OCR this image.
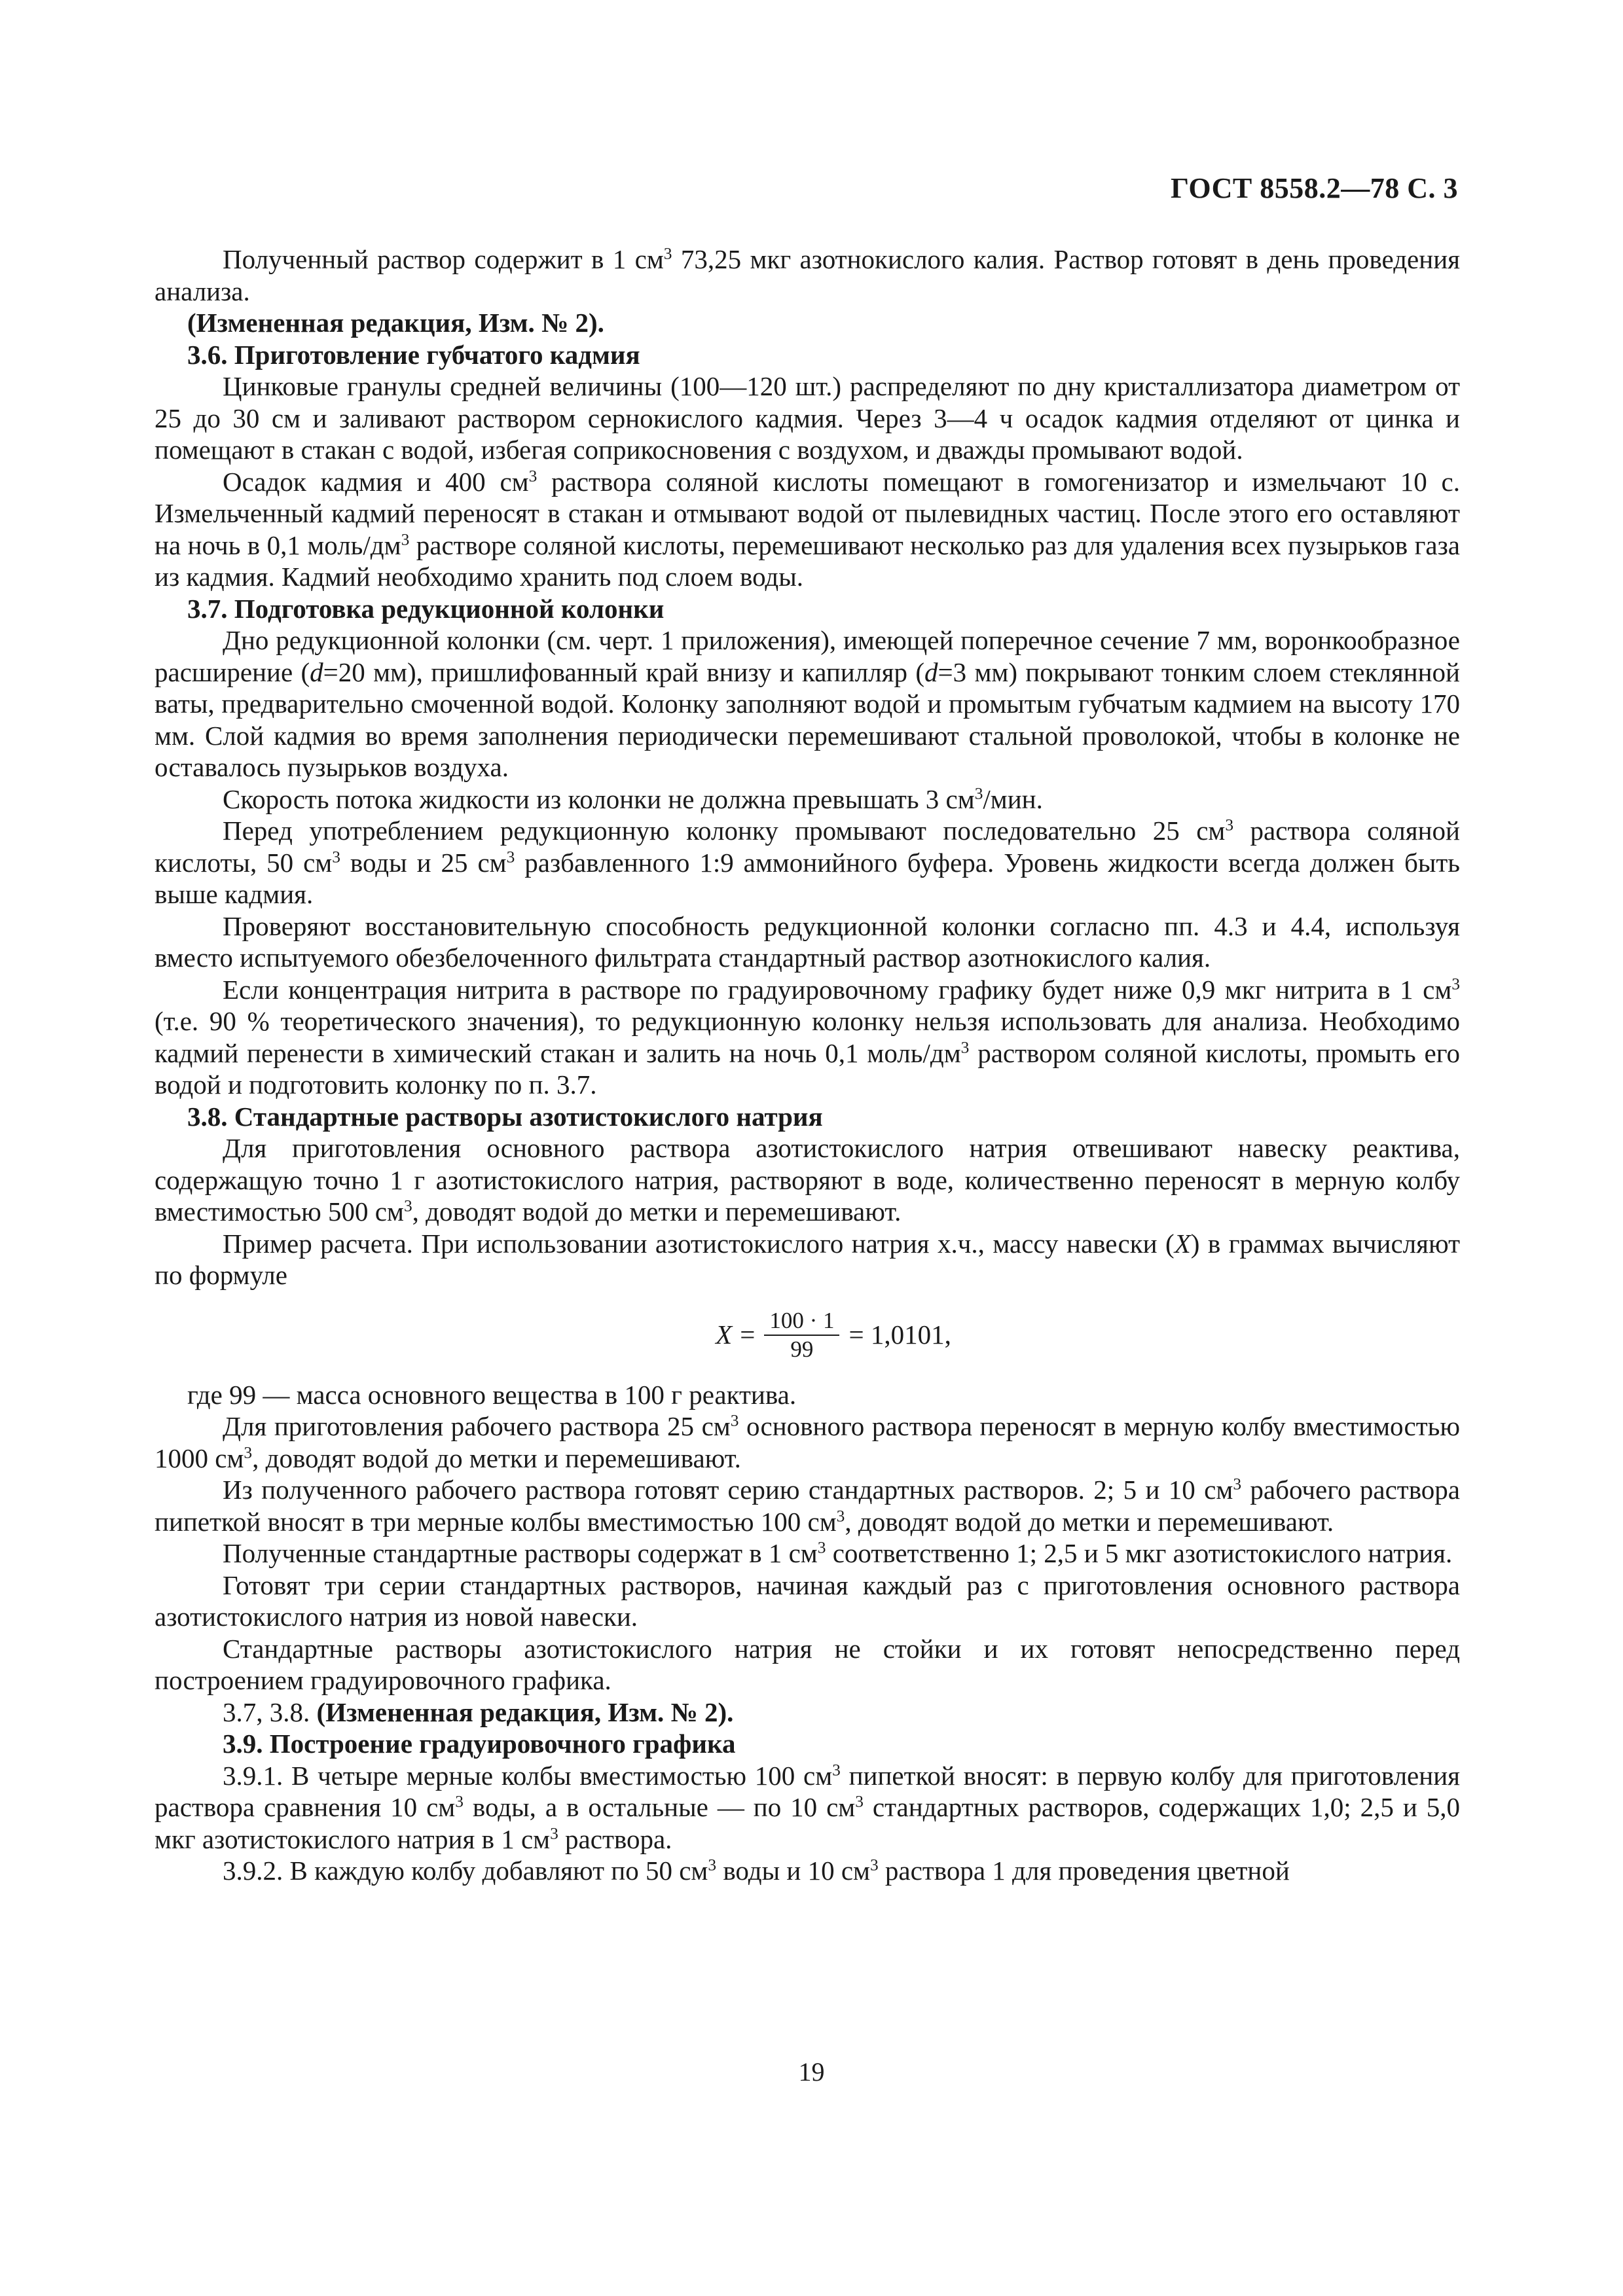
ГОСТ 8558.2—78 С. 3

Полученный раствор содержит в 1 $см^3$ 73,25 мкг азотнокислого калия. Раствор готовят в день проведения анализа.

(Измененная редакция, Изм. № 2).

3.6. Приготовление губчатого кадмия

Цинковые гранулы средней величины (100—120 шт.) распределяют по дну кристаллизатора диаметром от 25 до 30 см и заливают раствором сернокислого кадмия. Через 3—4 ч осадок кадмия отделяют от цинка и помещают в стакан с водой, избегая соприкосновения с воздухом, и дважды промывают водой.

Осадок кадмия и 400 $см^3$ раствора соляной кислоты помещают в гомогенизатор и измельчают 10 с. Измельченный кадмий переносят в стакан и отмывают водой от пылевидных частиц. После этого его оставляют на ночь в 0,1 моль/$дм^3$ растворе соляной кислоты, перемешивают несколько раз для удаления всех пузырьков газа из кадмия. Кадмий необходимо хранить под слоем воды.

3.7. Подготовка редукционной колонки

Дно редукционной колонки (см. черт. 1 приложения), имеющей поперечное сечение 7 мм, воронкообразное расширение (d=20 мм), пришлифованный край внизу и капилляр (d=3 мм) покрывают тонким слоем стеклянной ваты, предварительно смоченной водой. Колонку заполняют водой и промытым губчатым кадмием на высоту 170 мм. Слой кадмия во время заполнения периодически перемешивают стальной проволокой, чтобы в колонке не оставалось пузырьков воздуха.

Скорость потока жидкости из колонки не должна превышать 3 $см^3$/мин.

Перед употреблением редукционную колонку промывают последовательно 25 $см^3$ раствора соляной кислоты, 50 $см^3$ воды и 25 $см^3$ разбавленного 1:9 аммонийного буфера. Уровень жидкости всегда должен быть выше кадмия.

Проверяют восстановительную способность редукционной колонки согласно пп. 4.3 и 4.4, используя вместо испытуемого обезбелоченного фильтрата стандартный раствор азотнокислого калия.

Если концентрация нитрита в растворе по градуировочному графику будет ниже 0,9 мкг нитрита в 1 $см^3$ (т.е. 90 % теоретического значения), то редукционную колонку нельзя использовать для анализа. Необходимо кадмий перенести в химический стакан и залить на ночь 0,1 моль/$дм^3$ раствором соляной кислоты, промыть его водой и подготовить колонку по п. 3.7.

3.8. Стандартные растворы азотистокислого натрия

Для приготовления основного раствора азотистокислого натрия отвешивают навеску реактива, содержащую точно 1 г азотистокислого натрия, растворяют в воде, количественно переносят в мерную колбу вместимостью 500 $см^3$, доводят водой до метки и перемешивают.

Пример расчета. При использовании азотистокислого натрия х.ч., массу навески (X) в граммах вычисляют по формуле

$X = \frac{100 \cdot 1}{99} = 1,0101$,

где 99 — масса основного вещества в 100 г реактива.

Для приготовления рабочего раствора 25 $см^3$ основного раствора переносят в мерную колбу вместимостью 1000 $см^3$, доводят водой до метки и перемешивают.

Из полученного рабочего раствора готовят серию стандартных растворов. 2; 5 и 10 $см^3$ рабочего раствора пипеткой вносят в три мерные колбы вместимостью 100 $см^3$, доводят водой до метки и перемешивают.

Полученные стандартные растворы содержат в 1 $см^3$ соответственно 1; 2,5 и 5 мкг азотистокислого натрия.

Готовят три серии стандартных растворов, начиная каждый раз с приготовления основного раствора азотистокислого натрия из новой навески.

Стандартные растворы азотистокислого натрия не стойки и их готовят непосредственно перед построением градуировочного графика.

3.7, 3.8. (Измененная редакция, Изм. № 2).

3.9. Построение градуировочного графика

3.9.1. В четыре мерные колбы вместимостью 100 $см^3$ пипеткой вносят: в первую колбу для приготовления раствора сравнения 10 $см^3$ воды, а в остальные — по 10 $см^3$ стандартных растворов, содержащих 1,0; 2,5 и 5,0 мкг азотистокислого натрия в 1 $см^3$ раствора.

3.9.2. В каждую колбу добавляют по 50 $см^3$ воды и 10 $см^3$ раствора 1 для проведения цветной

19
